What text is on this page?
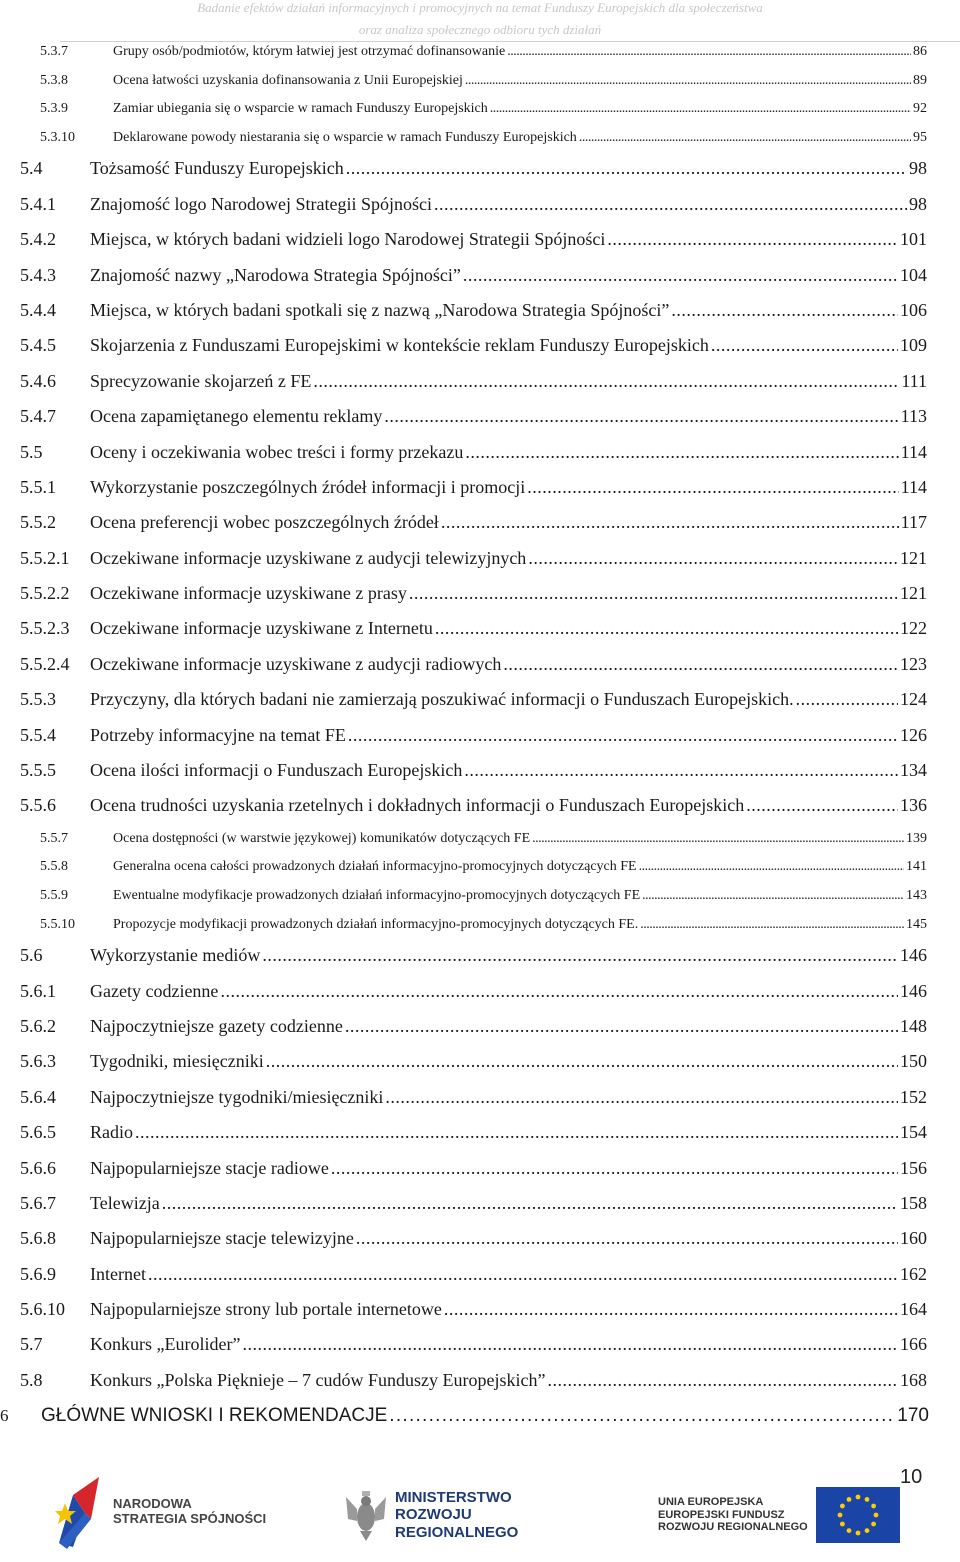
Badanie efektów działań informacyjnych i promocyjnych na temat Funduszy Europejskich dla społeczeństwa
oraz analiza społecznego odbioru tych działań
5.3.7	Grupy osób/podmiotów, którym łatwiej jest otrzymać dofinansowanie . . .	86
5.3.8	Ocena łatwości uzyskania dofinansowania z Unii Europejskiej . . .	89
5.3.9	Zamiar ubiegania się o wsparcie w ramach Funduszy Europejskich . . .	92
5.3.10	Deklarowane powody niestarania się o wsparcie w ramach Funduszy Europejskich . . .	95
5.4	Tożsamość Funduszy Europejskich . . .	98
5.4.1	Znajomość logo Narodowej Strategii Spójności . . .	98
5.4.2	Miejsca, w których badani widzieli logo Narodowej Strategii Spójności . . .	101
5.4.3	Znajomość nazwy „Narodowa Strategia Spójności” . . .	104
5.4.4	Miejsca, w których badani spotkali się z nazwą „Narodowa Strategia Spójności” . . .	106
5.4.5	Skojarzenia z Funduszami Europejskimi w kontekście reklam Funduszy Europejskich . . .	109
5.4.6	Sprecyzowanie skojarzeń z FE . . .	111
5.4.7	Ocena zapamiętanego elementu reklamy . . .	113
5.5	Oceny i oczekiwania wobec treści i formy przekazu . . .	114
5.5.1	Wykorzystanie poszczególnych źródeł informacji i promocji . . .	114
5.5.2	Ocena preferencji wobec poszczególnych źródeł . . .	117
5.5.2.1	Oczekiwane informacje uzyskiwane z audycji telewizyjnych . . .	121
5.5.2.2	Oczekiwane informacje uzyskiwane z prasy . . .	121
5.5.2.3	Oczekiwane informacje uzyskiwane z Internetu . . .	122
5.5.2.4	Oczekiwane informacje uzyskiwane z audycji radiowych . . .	123
5.5.3	Przyczyny, dla których badani nie zamierzają poszukiwać informacji o Funduszach Europejskich. . . .	124
5.5.4	Potrzeby informacyjne na temat FE . . .	126
5.5.5	Ocena ilości informacji o Funduszach Europejskich . . .	134
5.5.6	Ocena trudności uzyskania rzetelnych i dokładnych informacji o Funduszach Europejskich . . .	136
5.5.7	Ocena dostępności (w warstwie językowej) komunikatów dotyczących FE . . .	139
5.5.8	Generalna ocena całości prowadzonych działań informacyjno-promocyjnych dotyczących FE . . .	141
5.5.9	Ewentualne modyfikacje prowadzonych działań informacyjno-promocyjnych dotyczących FE . . .	143
5.5.10	Propozycje modyfikacji prowadzonych działań informacyjno-promocyjnych dotyczących FE. . . .	145
5.6	Wykorzystanie mediów . . .	146
5.6.1	Gazety codzienne . . .	146
5.6.2	Najpoczytniejsze gazety codzienne . . .	148
5.6.3	Tygodniki, miesięczniki . . .	150
5.6.4	Najpoczytniejsze tygodniki/miesięczniki . . .	152
5.6.5	Radio . . .	154
5.6.6	Najpopularniejsze stacje radiowe . . .	156
5.6.7	Telewizja . . .	158
5.6.8	Najpopularniejsze stacje telewizyjne . . .	160
5.6.9	Internet . . .	162
5.6.10	Najpopularniejsze strony lub portale internetowe . . .	164
5.7	Konkurs „Eurolider” . . .	166
5.8	Konkurs „Polska Pięknieje – 7 cudów Funduszy Europejskich” . . .	168
6	GŁÓWNE WNIOSKI I REKOMENDACJE . . .	170
10
NARODOWA
STRATEGIA SPÓJNOŚCI
MINISTERSTWO
ROZWOJU
REGIONALNEGO
UNIA EUROPEJSKA
EUROPEJSKI FUNDUSZ
ROZWOJU REGIONALNEGO
